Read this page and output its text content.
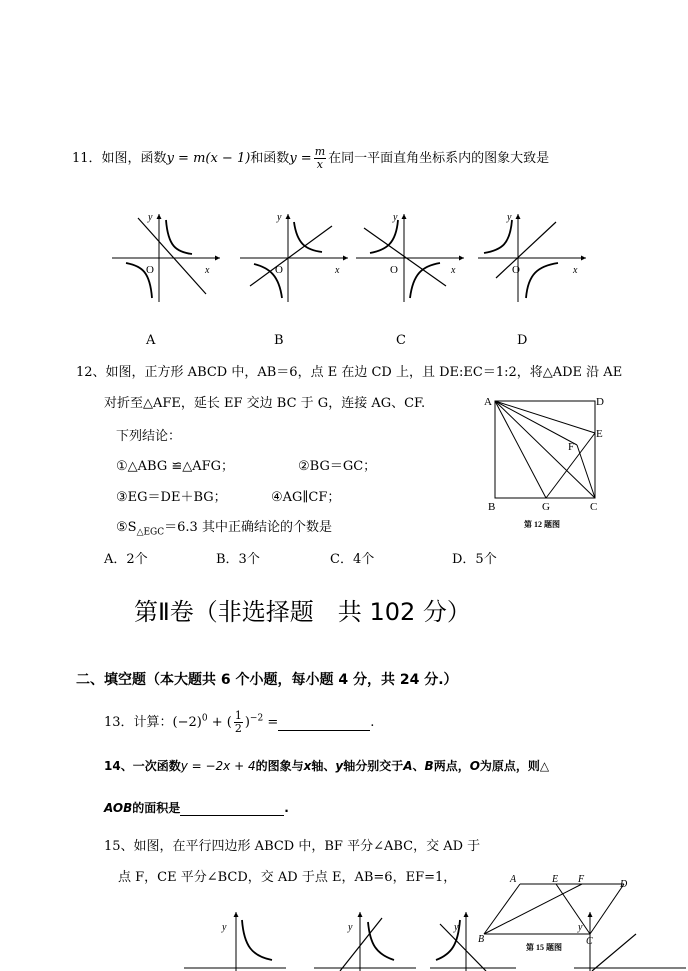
11．如图，函数y = m(x − 1)和函数$y = \frac{m}{x}$ 在同一平面直角坐标系内的图象大致是
x
y
O	x
y
O	x
y
O	x
y
O
A	B	C	D
12、如图，正方形 ABCD 中，AB＝6，点 E 在边 CD 上，且 DE:EC＝1:2，将△ADE 沿 AE
对折至△AFE，延长 EF 交边 BC 于 G，连接 AG、CF.
下列结论：
①△ABG ≌△AFG；	②BG＝GC；
③EG＝DE＋BG；	④AG∥CF；
$⑤S_{\triangle EGC}=6.3$ 其中正确结论的个数是
A．2个	B．3个	C．4个	D．5个
A	D
E
F
B	G	C
第 12 题图
第Ⅱ卷（非选择题　共 102 分）
二、填空题（本大题共 6 个小题，每小题 4 分，共 24 分.）
13．计算：$(-2)^0$ + ( $\frac{1}{2} )^{-2}$ =	.
14、一次函数y = −2x + 4的图象与x轴、y轴分别交于A、B两点，O为原点，则△
AOB的面积是	.
15、如图，在平行四边形 ABCD 中，BF 平分∠ABC，交 AD 于
点 F，CE 平分∠BCD，交 AD 于点 E，AB=6，EF=1，	A	E F	D
B	C
第 15 题图
y	y	y	y
